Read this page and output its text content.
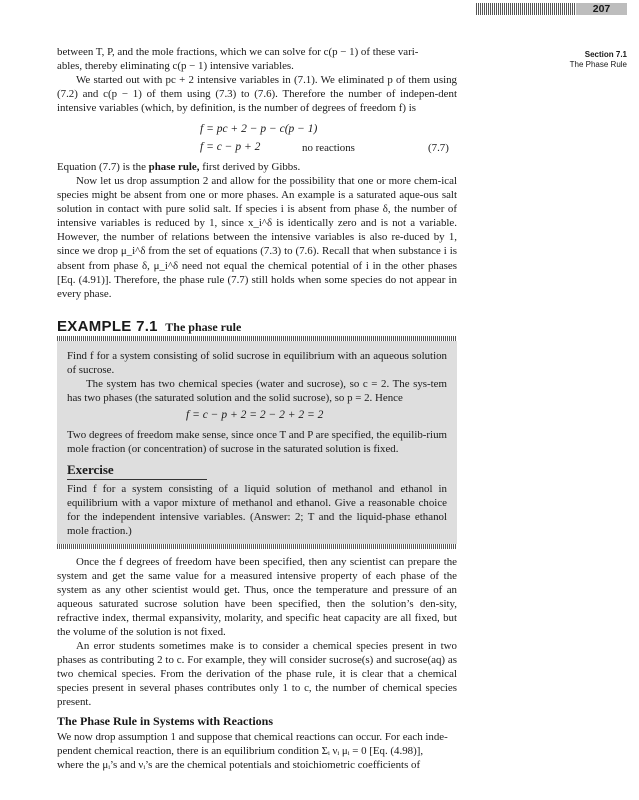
207
Section 7.1
The Phase Rule
between T, P, and the mole fractions, which we can solve for c(p − 1) of these vari-
ables, thereby eliminating c(p − 1) intensive variables.
We started out with pc + 2 intensive variables in (7.1). We eliminated p of them using (7.2) and c(p − 1) of them using (7.3) to (7.6). Therefore the number of indepen-dent intensive variables (which, by definition, is the number of degrees of freedom f) is
f = pc + 2 − p − c(p − 1)
f = c − p + 2	no reactions	(7.7)
Equation (7.7) is the phase rule, first derived by Gibbs.
Now let us drop assumption 2 and allow for the possibility that one or more chem-ical species might be absent from one or more phases. An example is a saturated aque-ous salt solution in contact with pure solid salt. If species i is absent from phase δ, the number of intensive variables is reduced by 1, since x_i^δ is identically zero and is not a variable. However, the number of relations between the intensive variables is also re-duced by 1, since we drop μ_i^δ from the set of equations (7.3) to (7.6). Recall that when substance i is absent from phase δ, μ_i^δ need not equal the chemical potential of i in the other phases [Eq. (4.91)]. Therefore, the phase rule (7.7) still holds when some species do not appear in every phase.
EXAMPLE 7.1 The phase rule
Find f for a system consisting of solid sucrose in equilibrium with an aqueous solution of sucrose.
The system has two chemical species (water and sucrose), so c = 2. The sys-tem has two phases (the saturated solution and the solid sucrose), so p = 2. Hence
f = c − p + 2 = 2 − 2 + 2 = 2
Two degrees of freedom make sense, since once T and P are specified, the equilib-rium mole fraction (or concentration) of sucrose in the saturated solution is fixed.
Exercise
Find f for a system consisting of a liquid solution of methanol and ethanol in equilibrium with a vapor mixture of methanol and ethanol. Give a reasonable choice for the independent intensive variables. (Answer: 2; T and the liquid-phase ethanol mole fraction.)
Once the f degrees of freedom have been specified, then any scientist can prepare the system and get the same value for a measured intensive property of each phase of the system as any other scientist would get. Thus, once the temperature and pressure of an aqueous saturated sucrose solution have been specified, then the solution’s den-sity, refractive index, thermal expansivity, molarity, and specific heat capacity are all fixed, but the volume of the solution is not fixed.
An error students sometimes make is to consider a chemical species present in two phases as contributing 2 to c. For example, they will consider sucrose(s) and sucrose(aq) as two chemical species. From the derivation of the phase rule, it is clear that a chemical species present in several phases contributes only 1 to c, the number of chemical species present.
The Phase Rule in Systems with Reactions
We now drop assumption 1 and suppose that chemical reactions can occur. For each inde-
pendent chemical reaction, there is an equilibrium condition Σᵢ νᵢ μᵢ = 0 [Eq. (4.98)],
where the μᵢ’s and νᵢ’s are the chemical potentials and stoichiometric coefficients of
